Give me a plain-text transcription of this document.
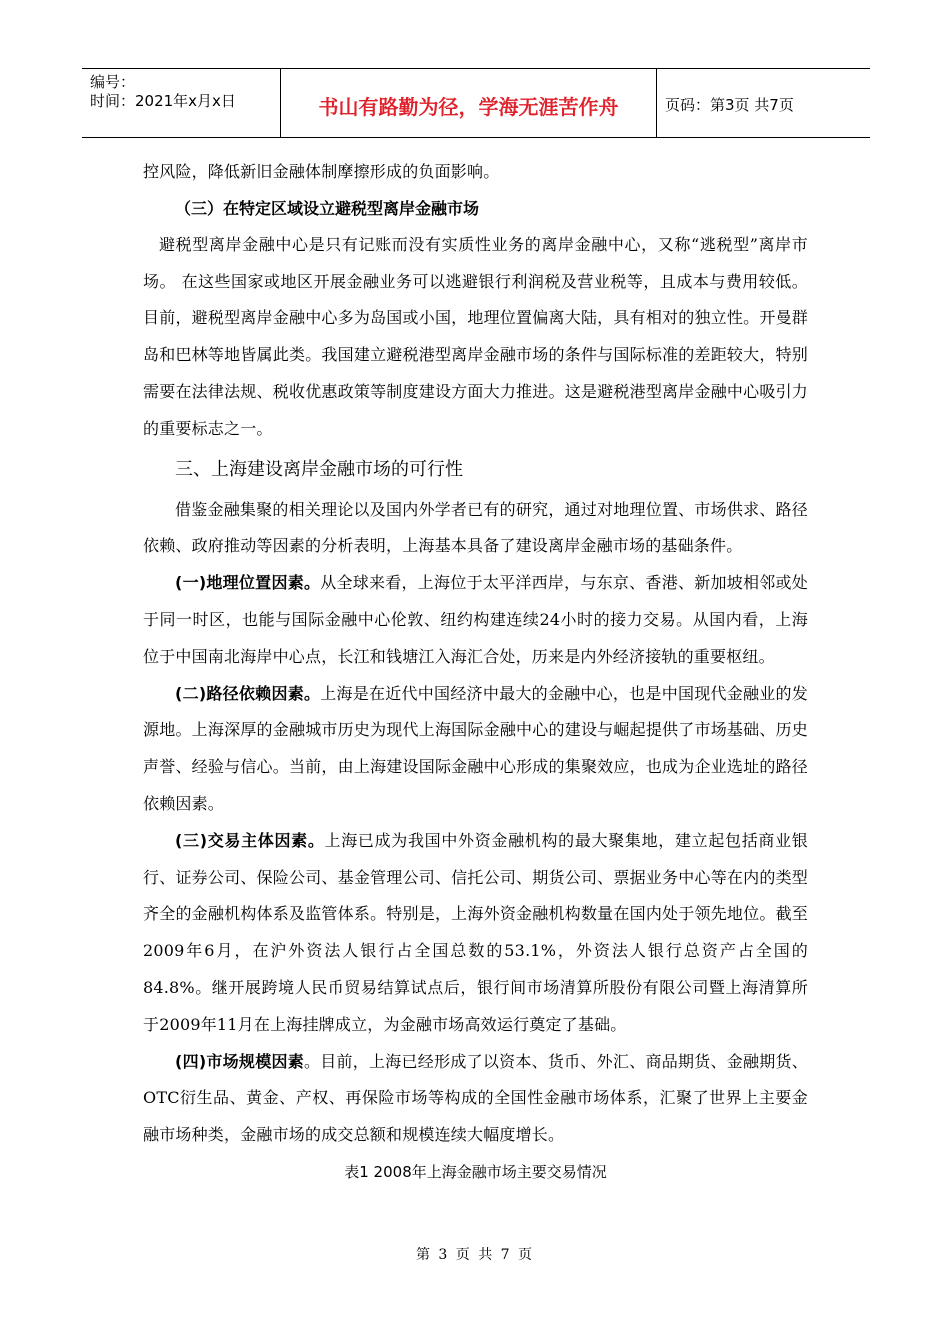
编号：
时间：2021年x月x日	书山有路勤为径，学海无涯苦作舟	页码：第3页 共7页

控风险，降低新旧金融体制摩擦形成的负面影响。

（三）在特定区域设立避税型离岸金融市场

避税型离岸金融中心是只有记账而没有实质性业务的离岸金融中心，又称“逃税型”离岸市场。 在这些国家或地区开展金融业务可以逃避银行利润税及营业税等，且成本与费用较低。目前，避税型离岸金融中心多为岛国或小国，地理位置偏离大陆，具有相对的独立性。开曼群岛和巴林等地皆属此类。我国建立避税港型离岸金融市场的条件与国际标准的差距较大，特别需要在法律法规、税收优惠政策等制度建设方面大力推进。这是避税港型离岸金融中心吸引力的重要标志之一。

三、上海建设离岸金融市场的可行性

借鉴金融集聚的相关理论以及国内外学者已有的研究，通过对地理位置、市场供求、路径依赖、政府推动等因素的分析表明，上海基本具备了建设离岸金融市场的基础条件。

(一)地理位置因素。从全球来看，上海位于太平洋西岸，与东京、香港、新加坡相邻或处于同一时区，也能与国际金融中心伦敦、纽约构建连续24小时的接力交易。从国内看，上海位于中国南北海岸中心点，长江和钱塘江入海汇合处，历来是内外经济接轨的重要枢纽。

(二)路径依赖因素。上海是在近代中国经济中最大的金融中心，也是中国现代金融业的发源地。上海深厚的金融城市历史为现代上海国际金融中心的建设与崛起提供了市场基础、历史声誉、经验与信心。当前，由上海建设国际金融中心形成的集聚效应，也成为企业选址的路径依赖因素。

(三)交易主体因素。上海已成为我国中外资金融机构的最大聚集地，建立起包括商业银行、证券公司、保险公司、基金管理公司、信托公司、期货公司、票据业务中心等在内的类型齐全的金融机构体系及监管体系。特别是，上海外资金融机构数量在国内处于领先地位。截至2009年6月，在沪外资法人银行占全国总数的53.1%，外资法人银行总资产占全国的84.8%。继开展跨境人民币贸易结算试点后，银行间市场清算所股份有限公司暨上海清算所于2009年11月在上海挂牌成立，为金融市场高效运行奠定了基础。

(四)市场规模因素。目前，上海已经形成了以资本、货币、外汇、商品期货、金融期货、OTC衍生品、黄金、产权、再保险市场等构成的全国性金融市场体系，汇聚了世界上主要金融市场种类，金融市场的成交总额和规模连续大幅度增长。

表1 2008年上海金融市场主要交易情况

第 3 页 共 7 页
